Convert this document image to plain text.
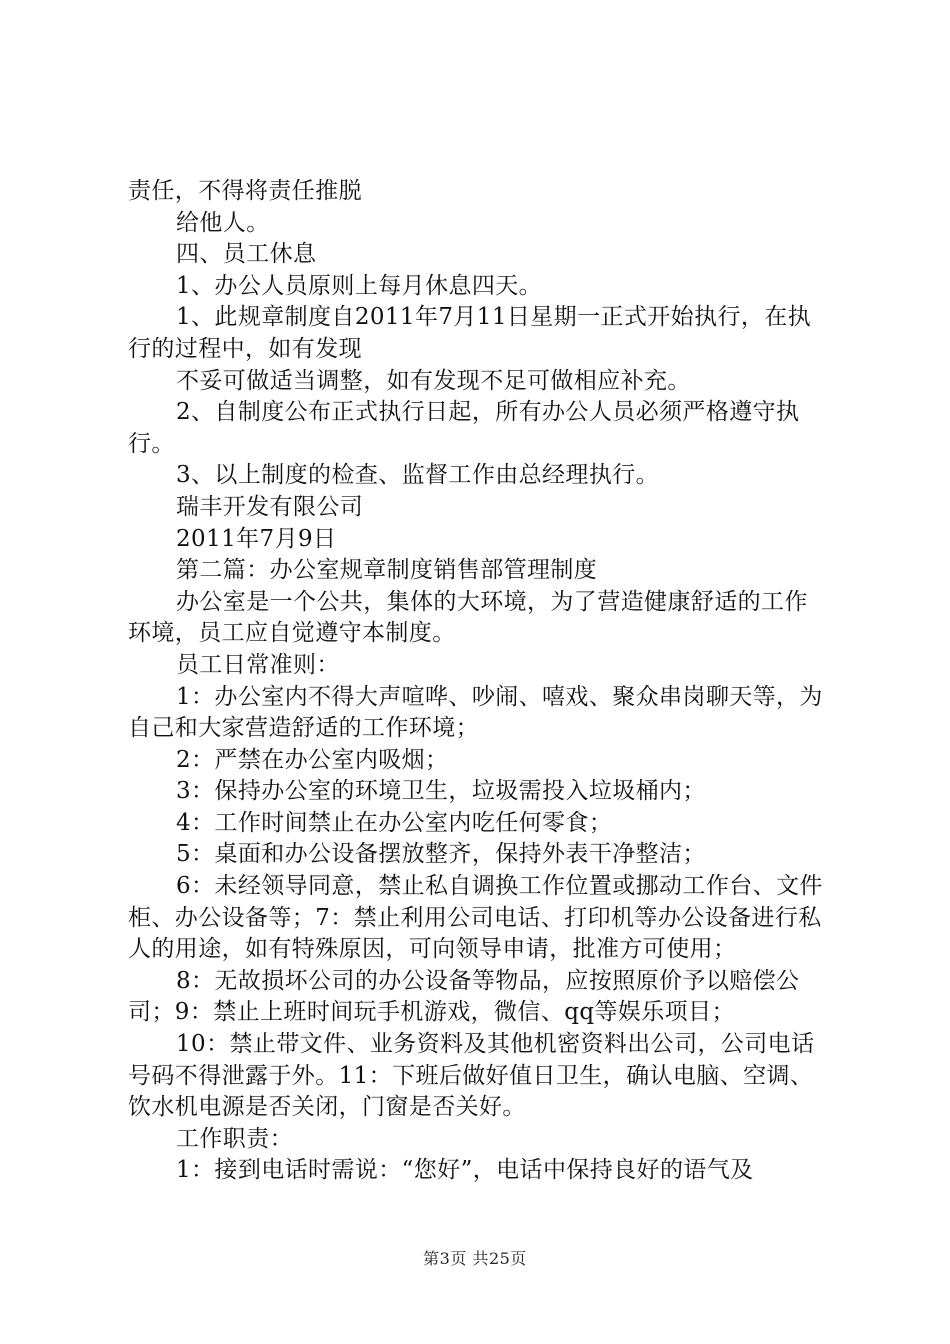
责任，不得将责任推脱

给他人。

四、员工休息

1、办公人员原则上每月休息四天。

1、此规章制度自2011年7月11日星期一正式开始执行，在执行的过程中，如有发现

不妥可做适当调整，如有发现不足可做相应补充。

2、自制度公布正式执行日起，所有办公人员必须严格遵守执行。

3、以上制度的检查、监督工作由总经理执行。

瑞丰开发有限公司

2011年7月9日

第二篇：办公室规章制度销售部管理制度

办公室是一个公共，集体的大环境，为了营造健康舒适的工作环境，员工应自觉遵守本制度。

员工日常准则：

1：办公室内不得大声喧哗、吵闹、嘻戏、聚众串岗聊天等，为自己和大家营造舒适的工作环境；

2：严禁在办公室内吸烟；

3：保持办公室的环境卫生，垃圾需投入垃圾桶内；

4：工作时间禁止在办公室内吃任何零食；

5：桌面和办公设备摆放整齐，保持外表干净整洁；

6：未经领导同意，禁止私自调换工作位置或挪动工作台、文件柜、办公设备等；7：禁止利用公司电话、打印机等办公设备进行私人的用途，如有特殊原因，可向领导申请，批准方可使用；

8：无故损坏公司的办公设备等物品，应按照原价予以赔偿公司；9：禁止上班时间玩手机游戏，微信、qq等娱乐项目；

10：禁止带文件、业务资料及其他机密资料出公司，公司电话号码不得泄露于外。11：下班后做好值日卫生，确认电脑、空调、饮水机电源是否关闭，门窗是否关好。

工作职责：

1：接到电话时需说：“您好”，电话中保持良好的语气及

第3页 共25页
